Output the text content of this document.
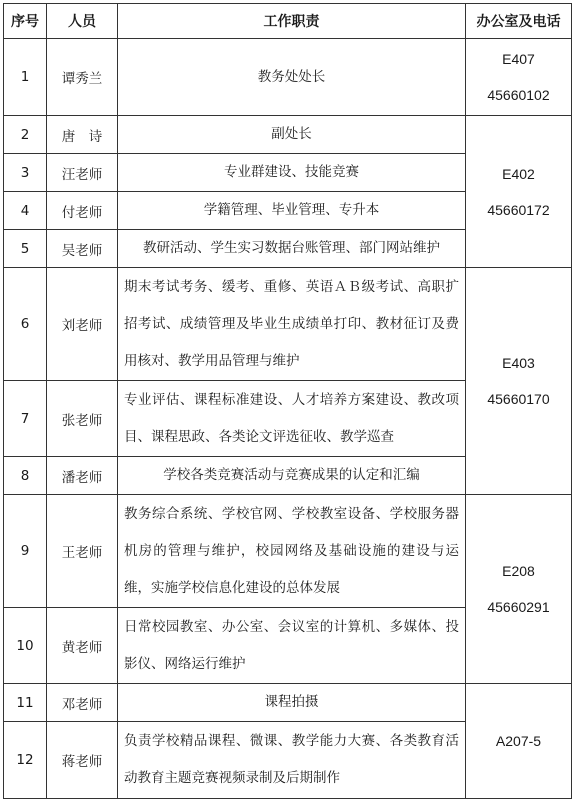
序号	人员	工作职责	办公室及电话
1	谭秀兰	教务处处长	E407
45660102

2	唐　诗	副处长	E402
45660172

3	汪老师	专业群建设、技能竞赛	
4	付老师	学籍管理、毕业管理、专升本	
5	吴老师	教研活动、学生实习数据台账管理、部门网站维护	
6	刘老师	期末考试考务、缓考、重修、英语ＡＢ级考试、高职扩招考试、成绩管理及毕业生成绩单打印、教材征订及费用核对、教学用品管理与维护	E403
45660170

7	张老师	专业评估、课程标准建设、人才培养方案建设、教改项目、课程思政、各类论文评选征收、教学巡查	
8	潘老师	学校各类竞赛活动与竞赛成果的认定和汇编	
9	王老师	教务综合系统、学校官网、学校教室设备、学校服务器机房的管理与维护，校园网络及基础设施的建设与运维，实施学校信息化建设的总体发展	E208
45660291

10	黄老师	日常校园教室、办公室、会议室的计算机、多媒体、投影仪、网络运行维护	
11	邓老师	课程拍摄	A207-5

12	蒋老师	负责学校精品课程、微课、教学能力大赛、各类教育活动教育主题竞赛视频录制及后期制作	
